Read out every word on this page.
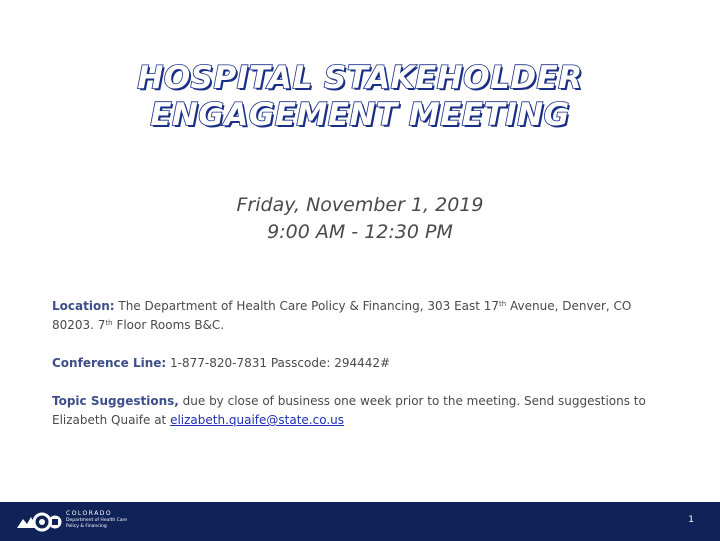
HOSPITAL STAKEHOLDER
ENGAGEMENT MEETING
Friday, November 1, 2019
9:00 AM - 12:30 PM

Location: The Department of Health Care Policy & Financing, 303 East 17th Avenue, Denver, CO 80203. 7th Floor Rooms B&C.

Conference Line: 1-877-820-7831 Passcode: 294442#

Topic Suggestions, due by close of business one week prior to the meeting. Send suggestions to Elizabeth Quaife at elizabeth.quaife@state.co.us

COLORADO
Department of Health Care
Policy & Financing
1
